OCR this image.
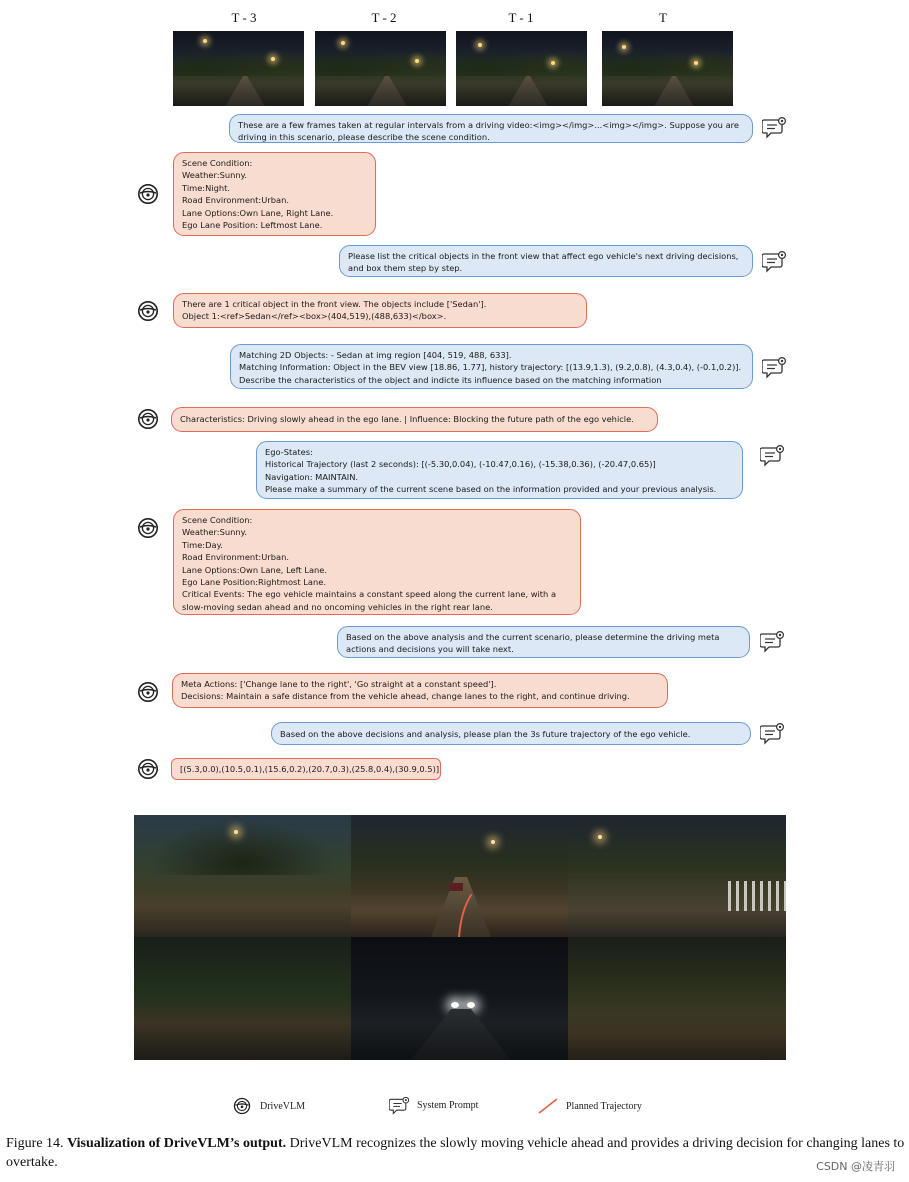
T - 3	T - 2	T - 1	T
These are a few frames taken at regular intervals from a driving video:<img></img>...<img></img>. Suppose you are
driving in this scenario, please describe the scene condition.
Scene Condition:
Weather:Sunny.
Time:Night.
Road Environment:Urban.
Lane Options:Own Lane, Right Lane.
Ego Lane Position: Leftmost Lane.
Please list the critical objects in the front view that affect ego vehicle's next driving decisions,
and box them step by step.
There are 1 critical object in the front view. The objects include ['Sedan'].
Object 1:<ref>Sedan</ref><box>(404,519),(488,633)</box>.
Matching 2D Objects: - Sedan at img region [404, 519, 488, 633].
Matching Information: Object in the BEV view [18.86, 1.77], history trajectory: [(13.9,1.3), (9.2,0.8), (4.3,0.4), (-0.1,0.2)].
Describe the characteristics of the object and indicte its influence based on the matching information
Characteristics: Driving slowly ahead in the ego lane. | Influence: Blocking the future path of the ego vehicle.
Ego-States:
Historical Trajectory (last 2 seconds): [(-5.30,0.04), (-10.47,0.16), (-15.38,0.36), (-20.47,0.65)]
Navigation: MAINTAIN.
Please make a summary of the current scene based on the information provided and your previous analysis.
Scene Condition:
Weather:Sunny.
Time:Day.
Road Environment:Urban.
Lane Options:Own Lane, Left Lane.
Ego Lane Position:Rightmost Lane.
Critical Events: The ego vehicle maintains a constant speed along the current lane, with a
slow-moving sedan ahead and no oncoming vehicles in the right rear lane.
Based on the above analysis and the current scenario, please determine the driving meta
actions and decisions you will take next.
Meta Actions: ['Change lane to the right', 'Go straight at a constant speed'].
Decisions: Maintain a safe distance from the vehicle ahead, change lanes to the right, and continue driving.
Based on the above decisions and analysis, please plan the 3s future trajectory of the ego vehicle.
[(5.3,0.0),(10.5,0.1),(15.6,0.2),(20.7,0.3),(25.8,0.4),(30.9,0.5)]
DriveVLM	System Prompt	Planned Trajectory
Figure 14. Visualization of DriveVLM’s output. DriveVLM recognizes the slowly moving vehicle ahead and provides a driving decision for changing lanes to overtake.	CSDN @凌青羽
